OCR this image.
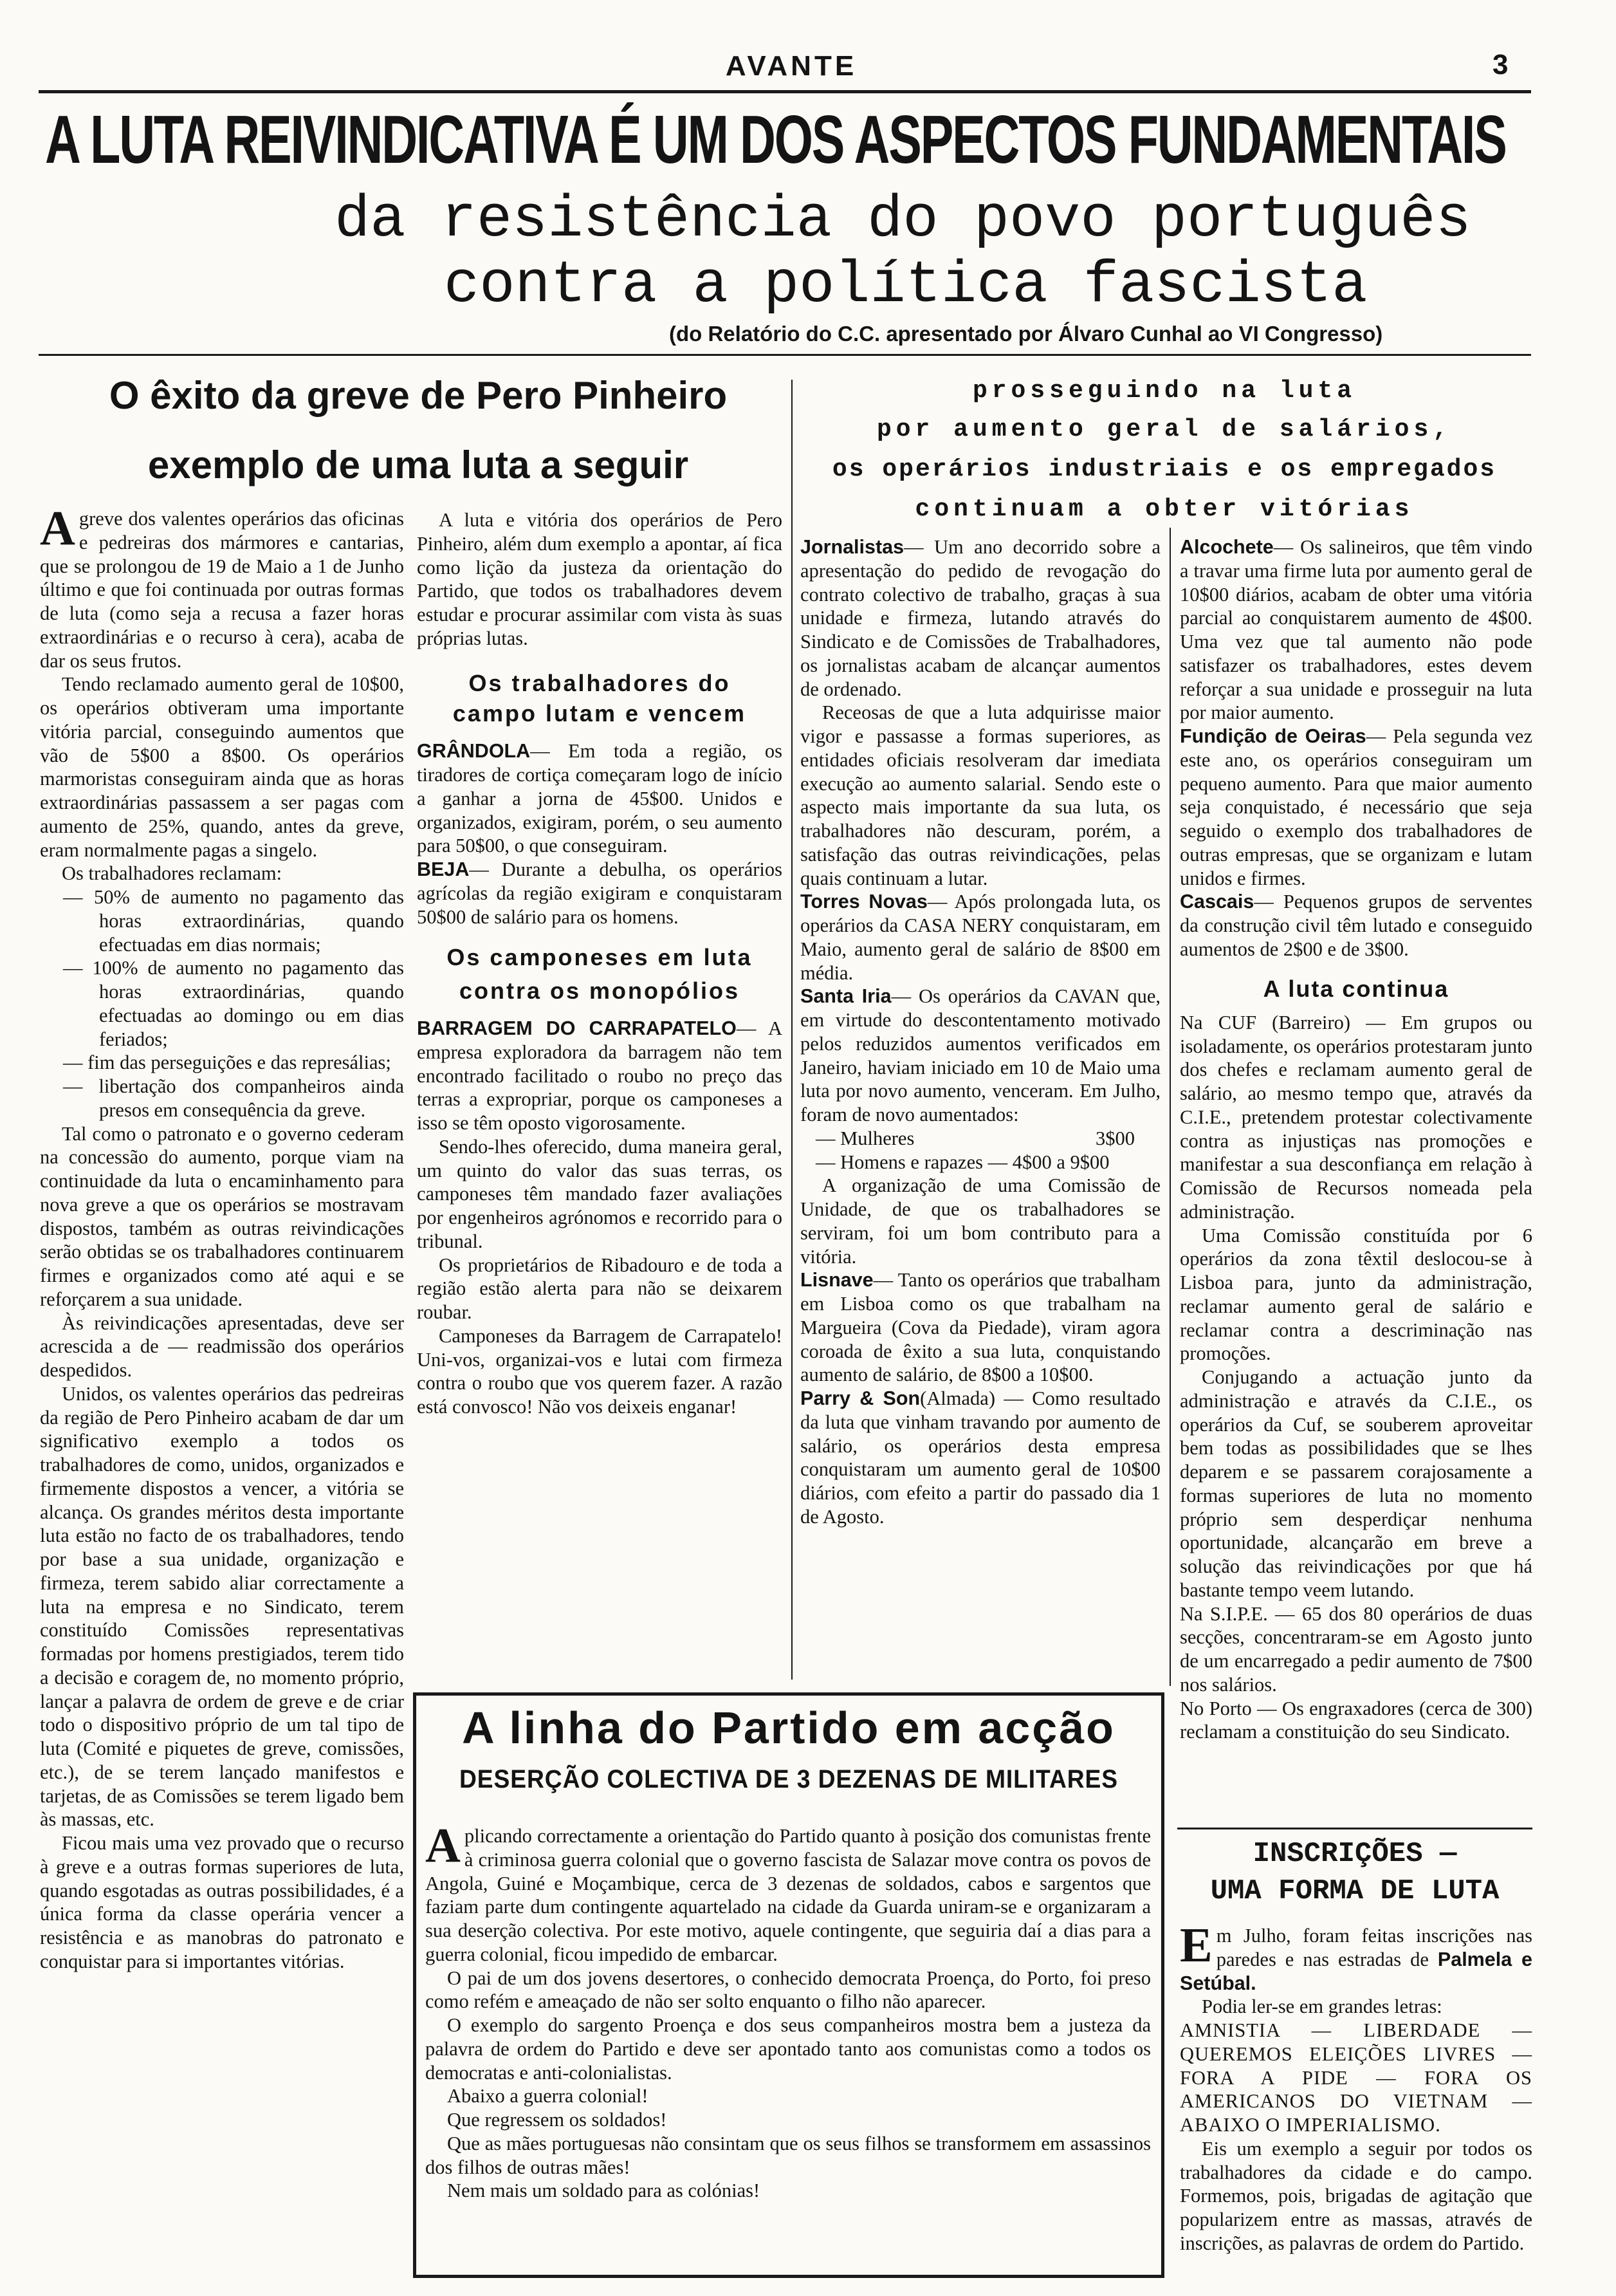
AVANTE	3
A LUTA REIVINDICATIVA É UM DOS ASPECTOS FUNDAMENTAIS
da resistência do povo português
contra a política fascista
(do Relatório do C.C. apresentado por Álvaro Cunhal ao VI Congresso)
O êxito da greve de Pero Pinheiro
exemplo de uma luta a seguir

Agreve dos valentes operários das oficinas e pedreiras dos mármores e cantarias, que se prolongou de 19 de Maio a 1 de Junho último e que foi continuada por outras formas de luta (como seja a recusa a fazer horas extraordinárias e o recurso à cera), acaba de dar os seus frutos.

Tendo reclamado aumento geral de 10$00, os operários obtiveram uma importante vitória parcial, conseguindo aumentos que vão de 5$00 a 8$00. Os operários marmoristas conseguiram ainda que as horas extraordinárias passassem a ser pagas com aumento de 25%, quando, antes da greve, eram normalmente pagas a singelo.

Os trabalhadores reclamam:

— 50% de aumento no pagamento das horas extraordinárias, quando efectuadas em dias normais;
— 100% de aumento no pagamento das horas extraordinárias, quando efectuadas ao domingo ou em dias feriados;
— fim das perseguições e das represálias;
— libertação dos companheiros ainda presos em consequência da greve.

Tal como o patronato e o governo cederam na concessão do aumento, porque viam na continuidade da luta o encaminhamento para nova greve a que os operários se mostravam dispostos, também as outras reivindicações serão obtidas se os trabalhadores continuarem firmes e organizados como até aqui e se reforçarem a sua unidade.

Às reivindicações apresentadas, deve ser acrescida a de — readmissão dos operários despedidos.

Unidos, os valentes operários das pedreiras da região de Pero Pinheiro acabam de dar um significativo exemplo a todos os trabalhadores de como, unidos, organizados e firmemente dispostos a vencer, a vitória se alcança. Os grandes méritos desta importante luta estão no facto de os trabalhadores, tendo por base a sua unidade, organização e firmeza, terem sabido aliar correctamente a luta na empresa e no Sindicato, terem constituído Comissões representativas formadas por homens prestigiados, terem tido a decisão e coragem de, no momento próprio, lançar a palavra de ordem de greve e de criar todo o dispositivo próprio de um tal tipo de luta (Comité e piquetes de greve, comissões, etc.), de se terem lançado manifestos e tarjetas, de as Comissões se terem ligado bem às massas, etc.

Ficou mais uma vez provado que o recurso à greve e a outras formas superiores de luta, quando esgotadas as outras possibilidades, é a única forma da classe operária vencer a resistência e as manobras do patronato e conquistar para si importantes vitórias.

A luta e vitória dos operários de Pero Pinheiro, além dum exemplo a apontar, aí fica como lição da justeza da orientação do Partido, que todos os trabalhadores devem estudar e procurar assimilar com vista às suas próprias lutas.

Os trabalhadores do
campo lutam e vencem

GRÂNDOLA— Em toda a região, os tiradores de cortiça começaram logo de início a ganhar a jorna de 45$00. Unidos e organizados, exigiram, porém, o seu aumento para 50$00, o que conseguiram.

BEJA— Durante a debulha, os operários agrícolas da região exigiram e conquistaram 50$00 de salário para os homens.

Os camponeses em luta
contra os monopólios

BARRAGEM DO CARRAPATELO— A empresa exploradora da barragem não tem encontrado facilitado o roubo no preço das terras a expropriar, porque os camponeses a isso se têm oposto vigorosamente.

Sendo-lhes oferecido, duma maneira geral, um quinto do valor das suas terras, os camponeses têm mandado fazer avaliações por engenheiros agrónomos e recorrido para o tribunal.

Os proprietários de Ribadouro e de toda a região estão alerta para não se deixarem roubar.

Camponeses da Barragem de Carrapatelo! Uni-vos, organizai-vos e lutai com firmeza contra o roubo que vos querem fazer. A razão está convosco! Não vos deixeis enganar!

prosseguindo na luta
por aumento geral de salários,
os operários industriais e os empregados
continuam a obter vitórias

Jornalistas— Um ano decorrido sobre a apresentação do pedido de revogação do contrato colectivo de trabalho, graças à sua unidade e firmeza, lutando através do Sindicato e de Comissões de Trabalhadores, os jornalistas acabam de alcançar aumentos de ordenado.

Receosas de que a luta adquirisse maior vigor e passasse a formas superiores, as entidades oficiais resolveram dar imediata execução ao aumento salarial. Sendo este o aspecto mais importante da sua luta, os trabalhadores não descuram, porém, a satisfação das outras reivindicações, pelas quais continuam a lutar.

Torres Novas— Após prolongada luta, os operários da CASA NERY conquistaram, em Maio, aumento geral de salário de 8$00 em média.

Santa Iria— Os operários da CAVAN que, em virtude do descontentamento motivado pelos reduzidos aumentos verificados em Janeiro, haviam iniciado em 10 de Maio uma luta por novo aumento, venceram. Em Julho, foram de novo aumentados:

— Mulheres	3$00
— Homens e rapazes — 4$00 a 9$00

A organização de uma Comissão de Unidade, de que os trabalhadores se serviram, foi um bom contributo para a vitória.

Lisnave— Tanto os operários que trabalham em Lisboa como os que trabalham na Margueira (Cova da Piedade), viram agora coroada de êxito a sua luta, conquistando aumento de salário, de 8$00 a 10$00.

Parry & Son(Almada) — Como resultado da luta que vinham travando por aumento de salário, os operários desta empresa conquistaram um aumento geral de 10$00 diários, com efeito a partir do passado dia 1 de Agosto.

Alcochete— Os salineiros, que têm vindo a travar uma firme luta por aumento geral de 10$00 diários, acabam de obter uma vitória parcial ao conquistarem aumento de 4$00. Uma vez que tal aumento não pode satisfazer os trabalhadores, estes devem reforçar a sua unidade e prosseguir na luta por maior aumento.

Fundição de Oeiras— Pela segunda vez este ano, os operários conseguiram um pequeno aumento. Para que maior aumento seja conquistado, é necessário que seja seguido o exemplo dos trabalhadores de outras empresas, que se organizam e lutam unidos e firmes.

Cascais— Pequenos grupos de serventes da construção civil têm lutado e conseguido aumentos de 2$00 e de 3$00.

A luta continua

Na CUF (Barreiro) — Em grupos ou isoladamente, os operários protestaram junto dos chefes e reclamam aumento geral de salário, ao mesmo tempo que, através da C.I.E., pretendem protestar colectivamente contra as injustiças nas promoções e manifestar a sua desconfiança em relação à Comissão de Recursos nomeada pela administração.

Uma Comissão constituída por 6 operários da zona têxtil deslocou-se à Lisboa para, junto da administração, reclamar aumento geral de salário e reclamar contra a descriminação nas promoções.

Conjugando a actuação junto da administração e através da C.I.E., os operários da Cuf, se souberem aproveitar bem todas as possibilidades que se lhes deparem e se passarem corajosamente a formas superiores de luta no momento próprio sem desperdiçar nenhuma oportunidade, alcançarão em breve a solução das reivindicações por que há bastante tempo veem lutando.

Na S.I.P.E. — 65 dos 80 operários de duas secções, concentraram-se em Agosto junto de um encarregado a pedir aumento de 7$00 nos salários.

No Porto — Os engraxadores (cerca de 300) reclamam a constituição do seu Sindicato.

A linha do Partido em acção
DESERÇÃO COLECTIVA DE 3 DEZENAS DE MILITARES

Aplicando correctamente a orientação do Partido quanto à posição dos comunistas frente à criminosa guerra colonial que o governo fascista de Salazar move contra os povos de Angola, Guiné e Moçambique, cerca de 3 dezenas de soldados, cabos e sargentos que faziam parte dum contingente aquartelado na cidade da Guarda uniram-se e organizaram a sua deserção colectiva. Por este motivo, aquele contingente, que seguiria daí a dias para a guerra colonial, ficou impedido de embarcar.

O pai de um dos jovens desertores, o conhecido democrata Proença, do Porto, foi preso como refém e ameaçado de não ser solto enquanto o filho não aparecer.

O exemplo do sargento Proença e dos seus companheiros mostra bem a justeza da palavra de ordem do Partido e deve ser apontado tanto aos comunistas como a todos os democratas e anti-colonialistas.

Abaixo a guerra colonial!

Que regressem os soldados!

Que as mães portuguesas não consintam que os seus filhos se transformem em assassinos dos filhos de outras mães!

Nem mais um soldado para as colónias!

INSCRIÇÕES —
UMA FORMA DE LUTA

Em Julho, foram feitas inscrições nas paredes e nas estradas de Palmela e Setúbal.

Podia ler-se em grandes letras:

AMNISTIA — LIBERDADE — QUEREMOS ELEIÇÕES LIVRES — FORA A PIDE — FORA OS AMERICANOS DO VIETNAM — ABAIXO O IMPERIALISMO.

Eis um exemplo a seguir por todos os trabalhadores da cidade e do campo. Formemos, pois, brigadas de agitação que popularizem entre as massas, através de inscrições, as palavras de ordem do Partido.
